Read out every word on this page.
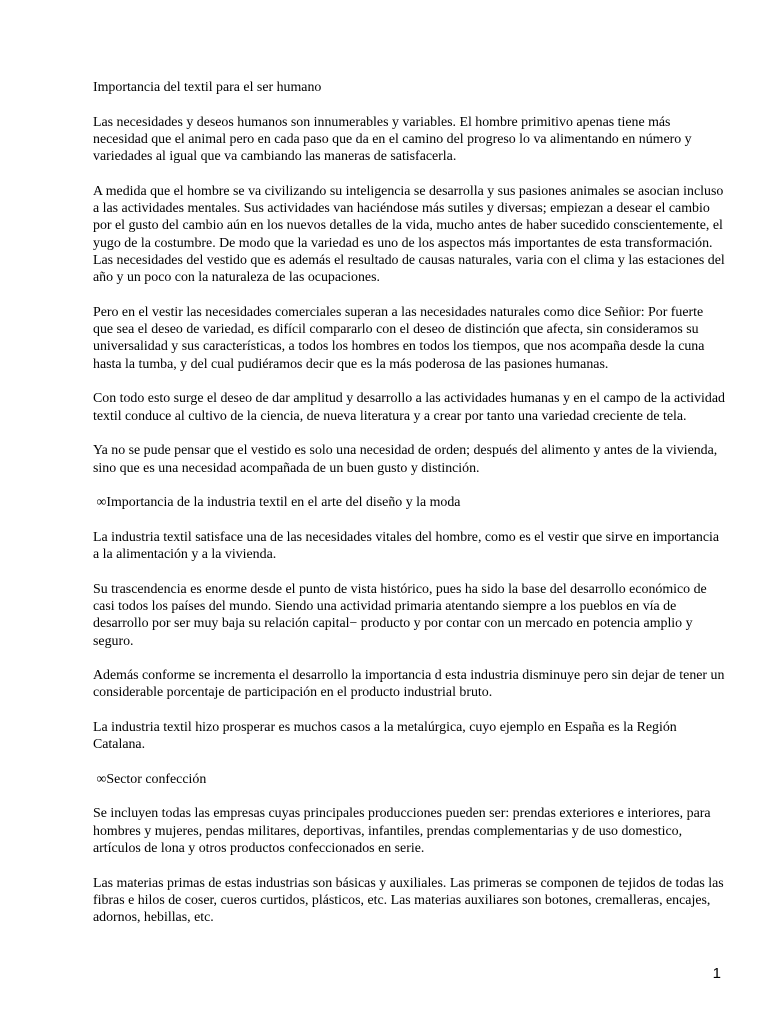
Importancia del textil para el ser humano

Las necesidades y deseos humanos son innumerables y variables. El hombre primitivo apenas tiene más necesidad que el animal pero en cada paso que da en el camino del progreso lo va alimentando en número y variedades al igual que va cambiando las maneras de satisfacerla.

A medida que el hombre se va civilizando su inteligencia se desarrolla y sus pasiones animales se asocian incluso a las actividades mentales. Sus actividades van haciéndose más sutiles y diversas; empiezan a desear el cambio por el gusto del cambio aún en los nuevos detalles de la vida, mucho antes de haber sucedido conscientemente, el yugo de la costumbre. De modo que la variedad es uno de los aspectos más importantes de esta transformación. Las necesidades del vestido que es además el resultado de causas naturales, varia con el clima y las estaciones del año y un poco con la naturaleza de las ocupaciones.

Pero en el vestir las necesidades comerciales superan a las necesidades naturales como dice Señior: Por fuerte que sea el deseo de variedad, es difícil compararlo con el deseo de distinción que afecta, sin consideramos su universalidad y sus características, a todos los hombres en todos los tiempos, que nos acompaña desde la cuna hasta la tumba, y del cual pudiéramos decir que es la más poderosa de las pasiones humanas.

Con todo esto surge el deseo de dar amplitud y desarrollo a las actividades humanas y en el campo de la actividad textil conduce al cultivo de la ciencia, de nueva literatura y a crear por tanto una variedad creciente de tela.

Ya no se pude pensar que el vestido es solo una necesidad de orden; después del alimento y antes de la vivienda, sino que es una necesidad acompañada de un buen gusto y distinción.

∞Importancia de la industria textil en el arte del diseño y la moda

La industria textil satisface una de las necesidades vitales del hombre, como es el vestir que sirve en importancia a la alimentación y a la vivienda.

Su trascendencia es enorme desde el punto de vista histórico, pues ha sido la base del desarrollo económico de casi todos los países del mundo. Siendo una actividad primaria atentando siempre a los pueblos en vía de desarrollo por ser muy baja su relación capital− producto y por contar con un mercado en potencia amplio y seguro.

Además conforme se incrementa el desarrollo la importancia d esta industria disminuye pero sin dejar de tener un considerable porcentaje de participación en el producto industrial bruto.

La industria textil hizo prosperar es muchos casos a la metalúrgica, cuyo ejemplo en España es la Región Catalana.

∞Sector confección

Se incluyen todas las empresas cuyas principales producciones pueden ser: prendas exteriores e interiores, para hombres y mujeres, pendas militares, deportivas, infantiles, prendas complementarias y de uso domestico, artículos de lona y otros productos confeccionados en serie.

Las materias primas de estas industrias son básicas y auxiliales. Las primeras se componen de tejidos de todas las fibras e hilos de coser, cueros curtidos, plásticos, etc. Las materias auxiliares son botones, cremalleras, encajes, adornos, hebillas, etc.

1
